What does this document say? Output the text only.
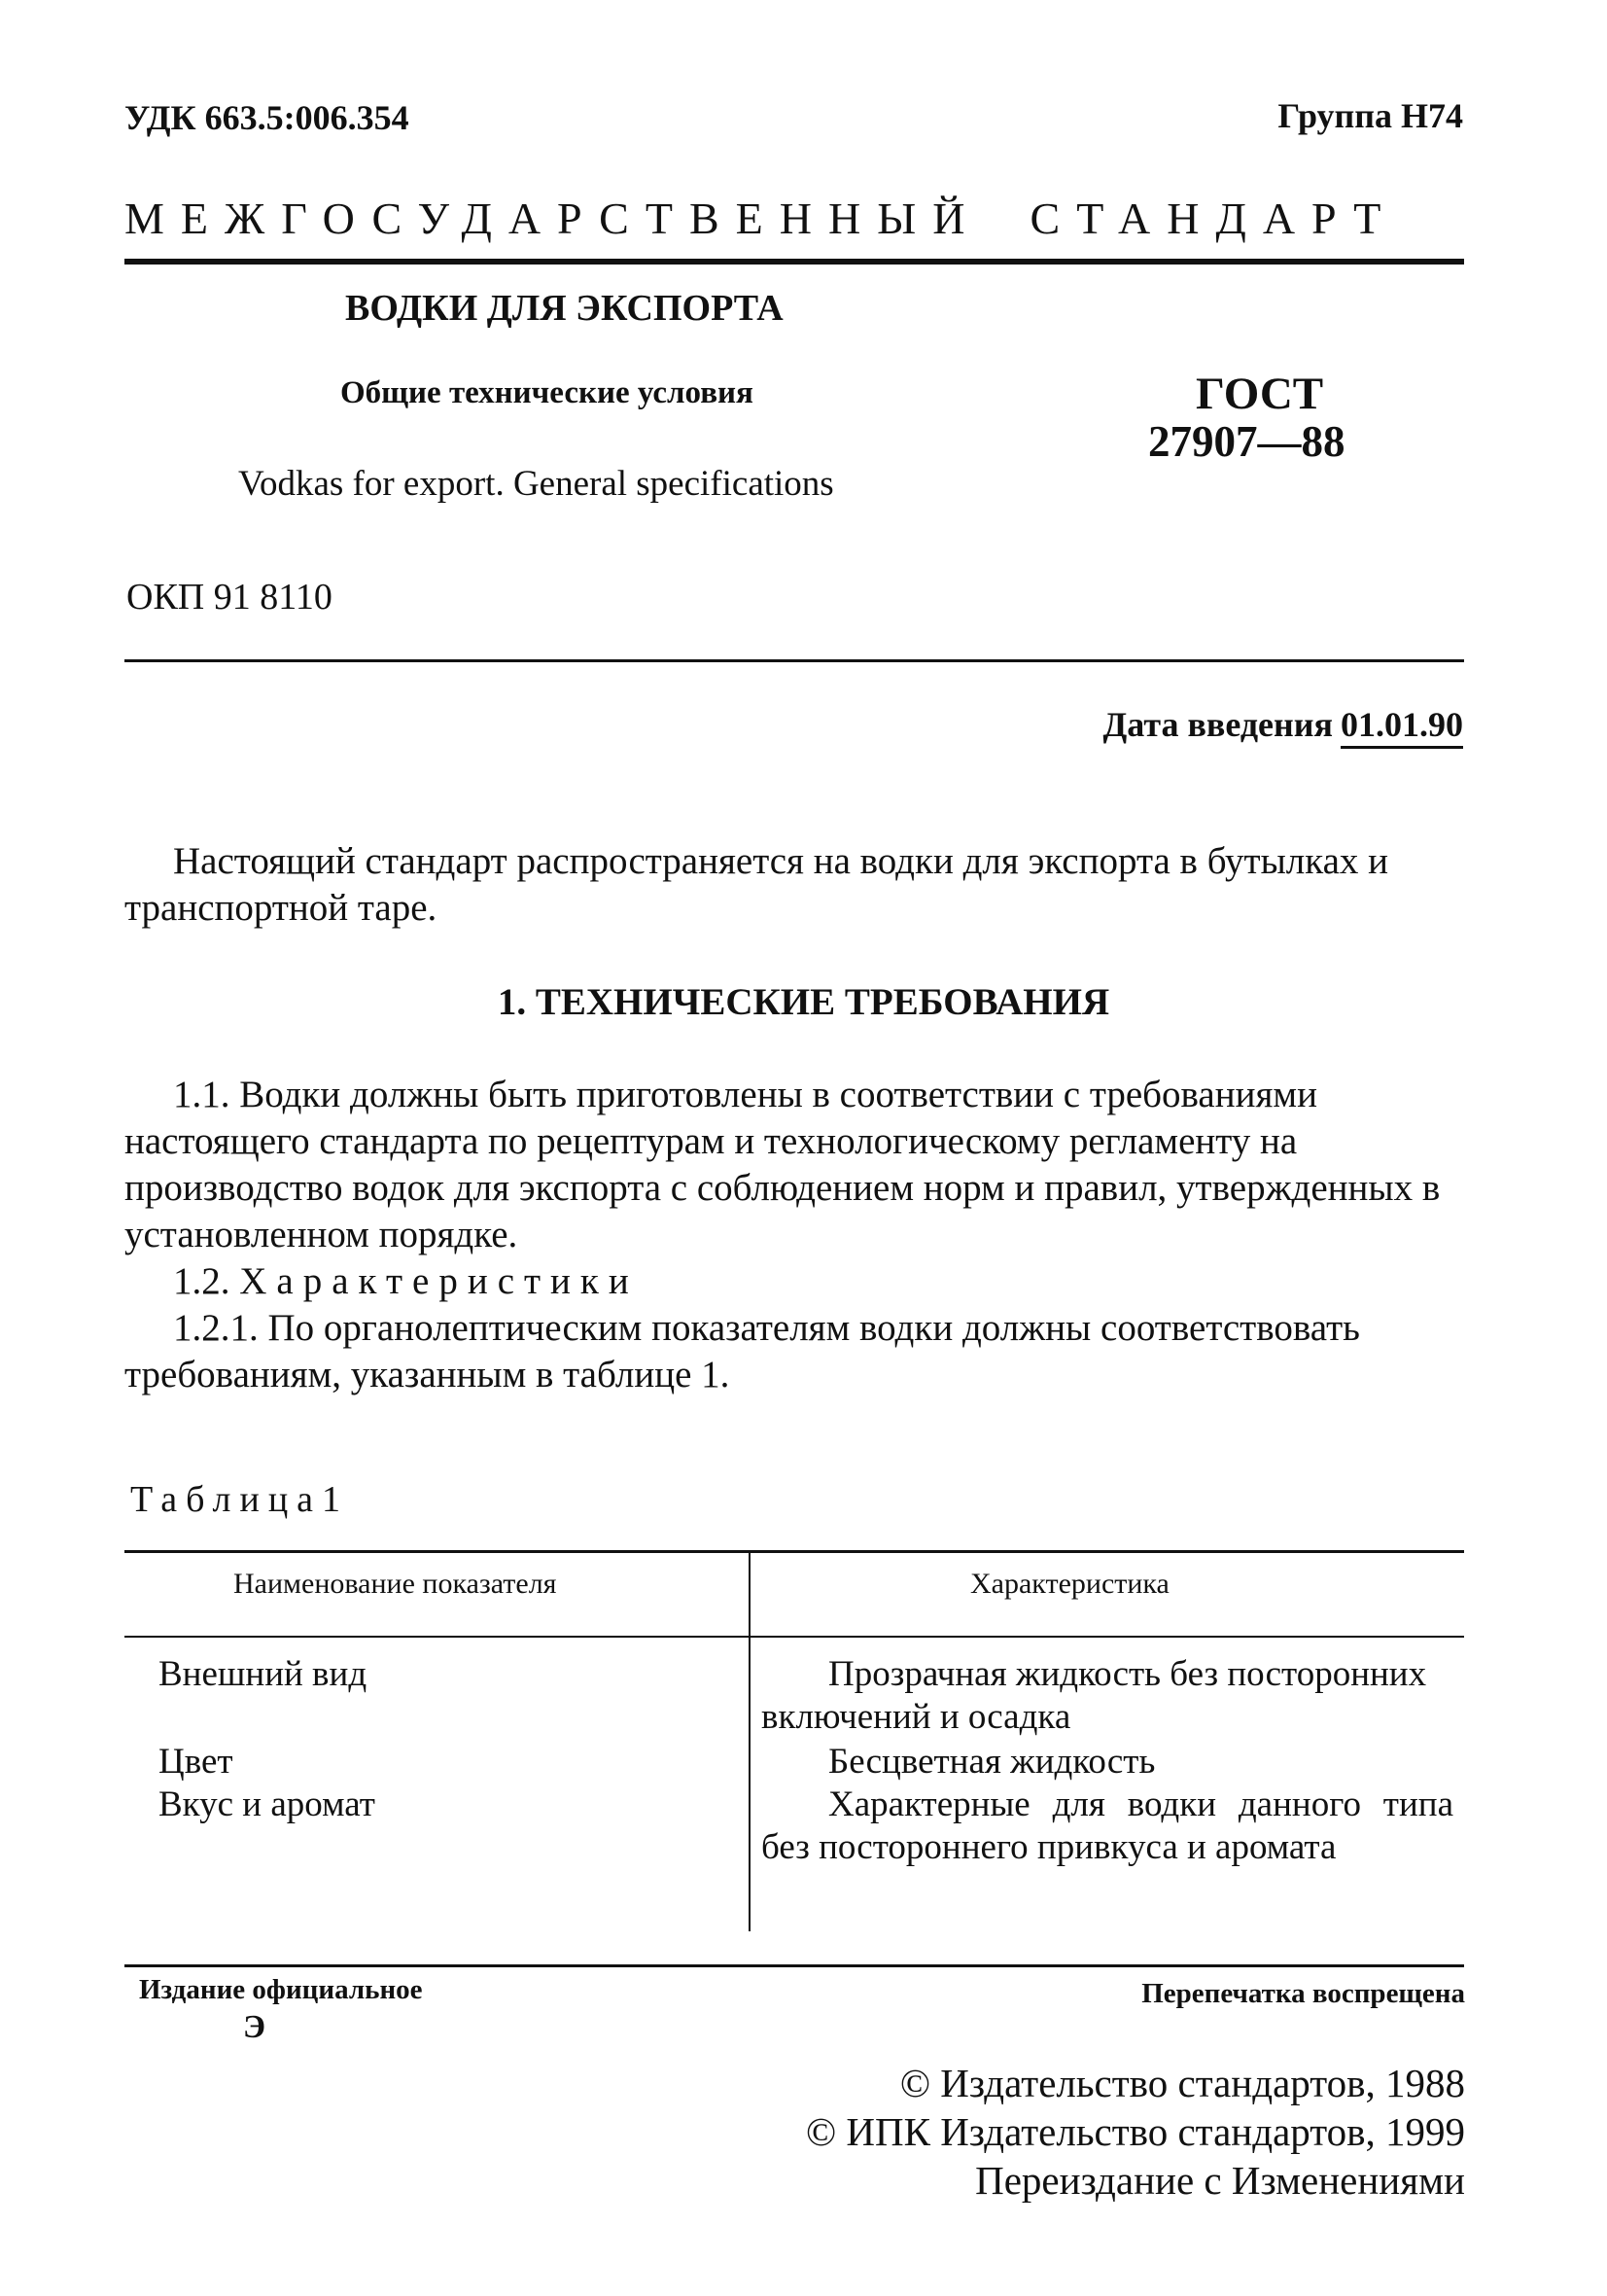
УДК 663.5:006.354	Группа Н74
МЕЖГОСУДАРСТВЕННЫЙ СТАНДАРТ
ВОДКИ ДЛЯ ЭКСПОРТА
Общие технические условия
Vodkas for export. General specifications
ГОСТ
27907—88
ОКП 91 8110
Дата введения 01.01.90
Настоящий стандарт распространяется на водки для экспорта в бутылках и транспортной таре.
1. ТЕХНИЧЕСКИЕ ТРЕБОВАНИЯ
1.1. Водки должны быть приготовлены в соответствии с требованиями настоящего стандарта по рецептурам и технологическому регламенту на производство водок для экспорта с соблюдением норм и правил, утвержденных в установленном порядке.
1.2. Характеристики
1.2.1. По органолептическим показателям водки должны соответствовать требованиям, указанным в таблице 1.
Таблица1
Наименование показателя	Характеристика
Внешний вид	Прозрачная жидкость без посторонних включений и осадка
Цвет	Бесцветная жидкость
Вкус и аромат	Характерные для водки данного типа без постороннего привкуса и аромата
Издание официальное
Э
Перепечатка воспрещена
© Издательство стандартов, 1988
© ИПК Издательство стандартов, 1999
Переиздание с Изменениями
